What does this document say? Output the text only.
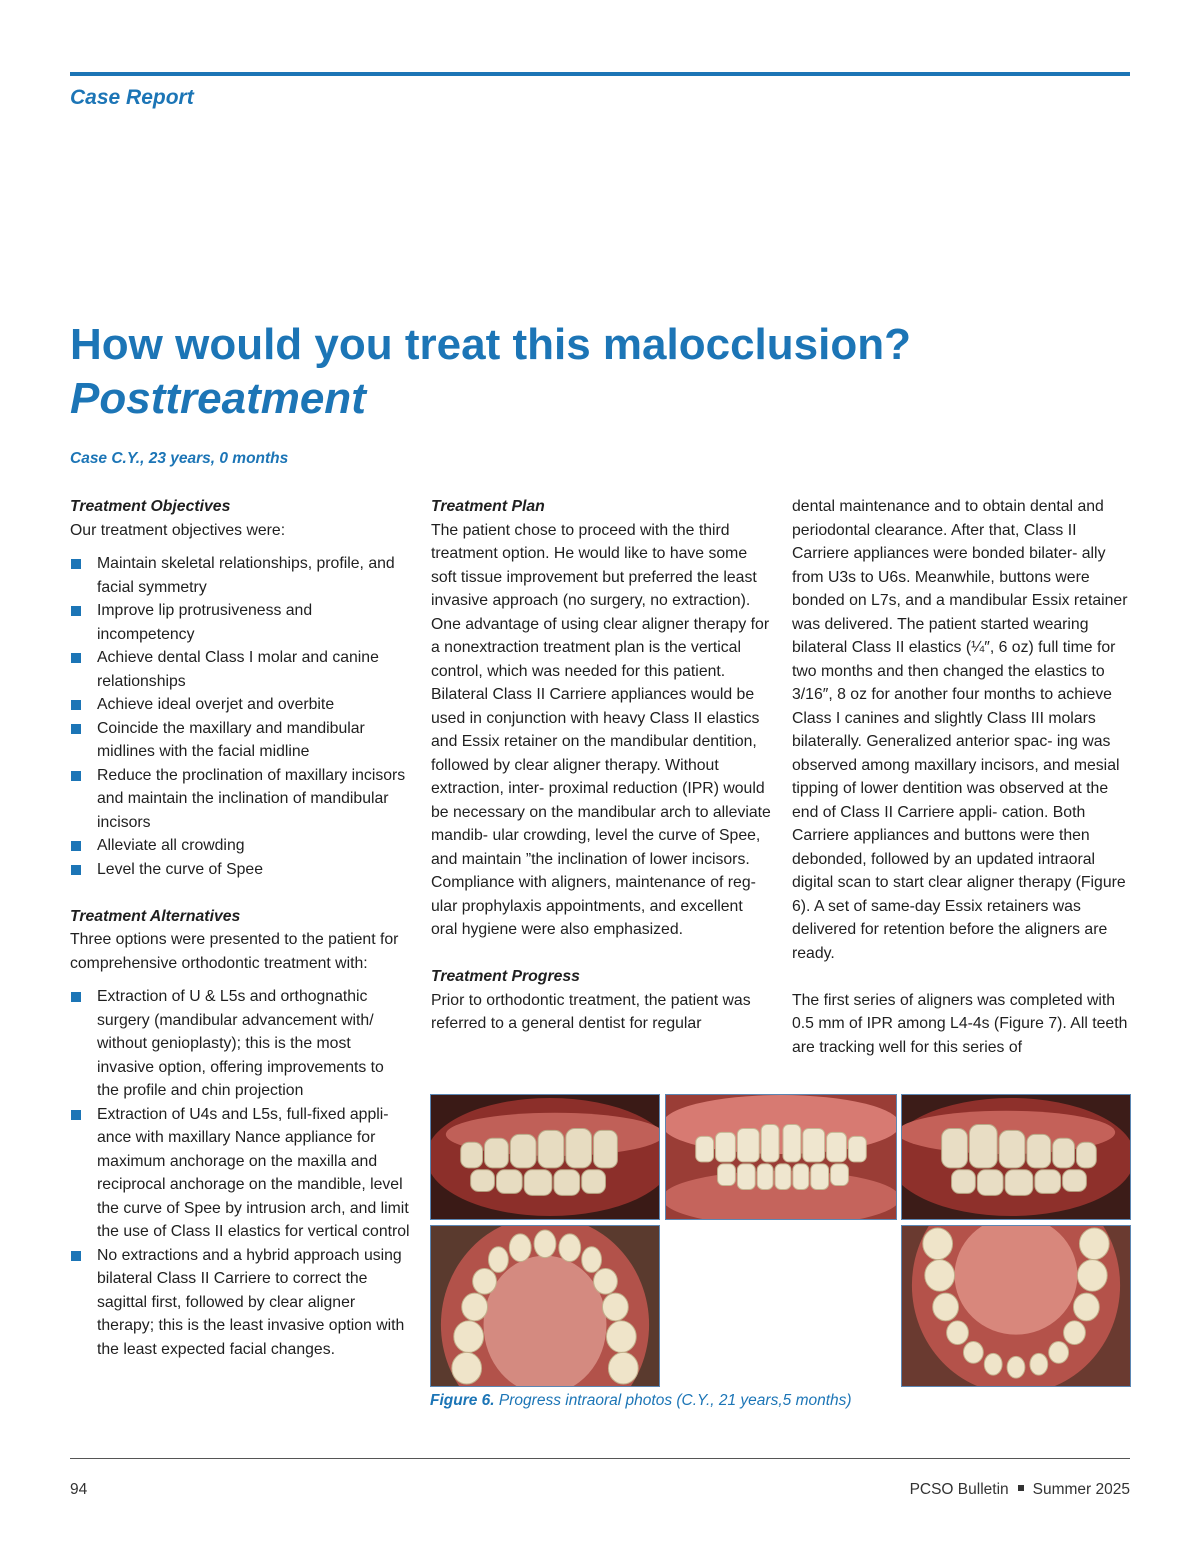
Case Report
How would you treat this malocclusion?
Posttreatment
Case C.Y., 23 years, 0 months

Treatment Objectives

Our treatment objectives were:

Maintain skeletal relationships, profile, and facial symmetry
Improve lip protrusiveness and incompetency
Achieve dental Class I molar and canine relationships
Achieve ideal overjet and overbite
Coincide the maxillary and mandibular midlines with the facial midline
Reduce the proclination of maxillary incisors and maintain the inclination of mandibular incisors
Alleviate all crowding
Level the curve of Spee

Treatment Alternatives

Three options were presented to the patient for comprehensive orthodontic treatment with:

Extraction of U & L5s and orthognathic surgery (mandibular advancement with/ without genioplasty); this is the most invasive option, offering improvements to the profile and chin projection
Extraction of U4s and L5s, full-fixed appli- ance with maxillary Nance appliance for maximum anchorage on the maxilla and reciprocal anchorage on the mandible, level the curve of Spee by intrusion arch, and limit the use of Class II elastics for vertical control
No extractions and a hybrid approach using bilateral Class II Carriere to correct the sagittal first, followed by clear aligner therapy; this is the least invasive option with the least expected facial changes.

Treatment Plan

The patient chose to proceed with the third treatment option. He would like to have some soft tissue improvement but preferred the least invasive approach (no surgery, no extraction). One advantage of using clear aligner therapy for a nonextraction treatment plan is the vertical control, which was needed for this patient. Bilateral Class II Carriere appliances would be used in conjunction with heavy Class II elastics and Essix retainer on the mandibular dentition, followed by clear aligner therapy. Without extraction, inter- proximal reduction (IPR) would be necessary on the mandibular arch to alleviate mandib- ular crowding, level the curve of Spee, and maintain ”the inclination of lower incisors. Compliance with aligners, maintenance of reg- ular prophylaxis appointments, and excellent oral hygiene were also emphasized.

Treatment Progress

Prior to orthodontic treatment, the patient was referred to a general dentist for regular

dental maintenance and to obtain dental and periodontal clearance. After that, Class II Carriere appliances were bonded bilater- ally from U3s to U6s. Meanwhile, buttons were bonded on L7s, and a mandibular Essix retainer was delivered. The patient started wearing bilateral Class II elastics (¼″, 6 oz) full time for two months and then changed the elastics to 3/16″, 8 oz for another four months to achieve Class I canines and slightly Class III molars bilaterally. Generalized anterior spac- ing was observed among maxillary incisors, and mesial tipping of lower dentition was observed at the end of Class II Carriere appli- cation. Both Carriere appliances and buttons were then debonded, followed by an updated intraoral digital scan to start clear aligner therapy (Figure 6). A set of same-day Essix retainers was delivered for retention before the aligners are ready.

The first series of aligners was completed with 0.5 mm of IPR among L4-4s (Figure 7). All teeth are tracking well for this series of

Figure 6. Progress intraoral photos (C.Y., 21 years,5 months)
94	PCSO Bulletin Summer 2025
